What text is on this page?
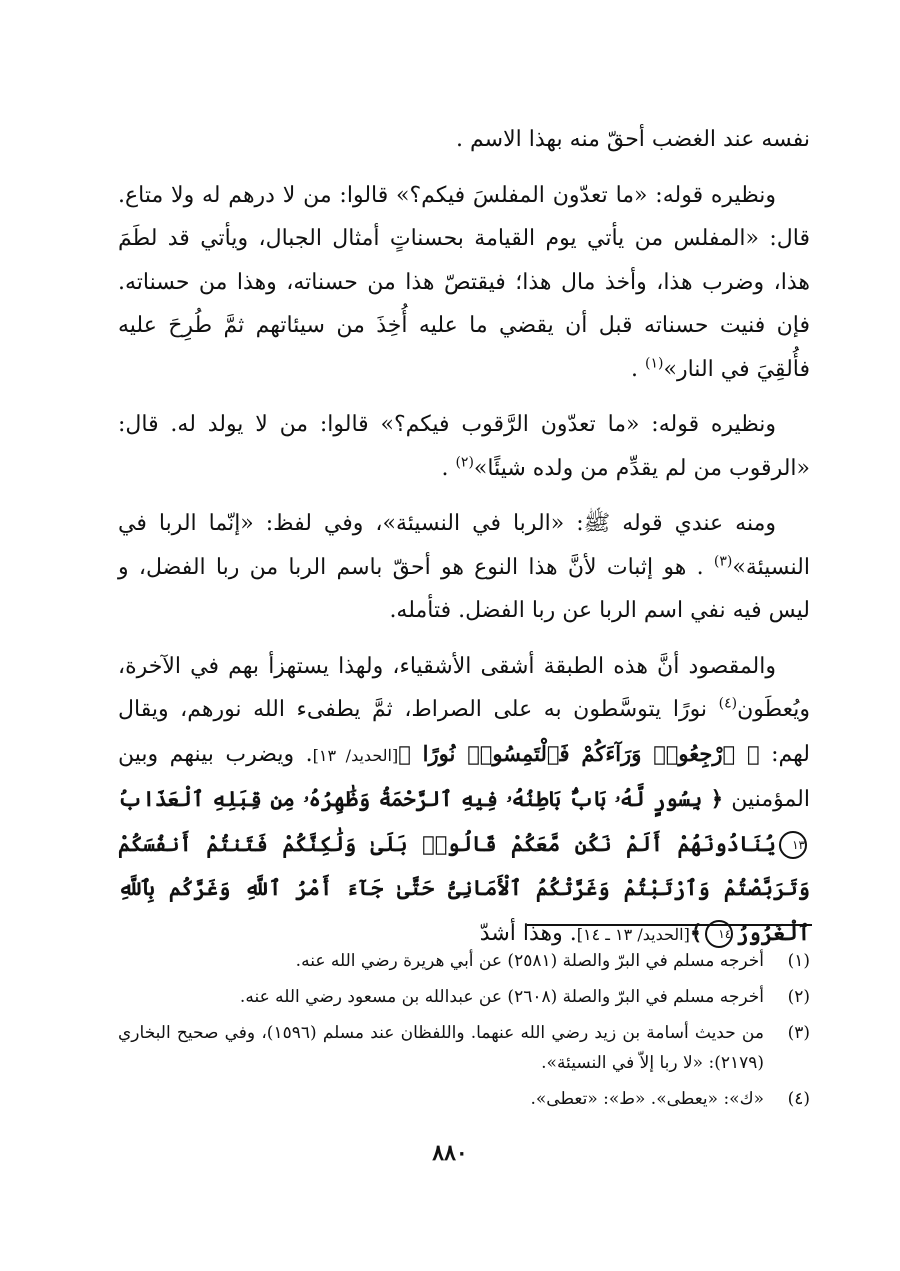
نفسه عند الغضب أحقّ منه بهذا الاسم .

ونظيره قوله: «ما تعدّون المفلسَ فيكم؟» قالوا: من لا درهم له ولا متاع. قال: «المفلس من يأتي يوم القيامة بحسناتٍ أمثال الجبال، ويأتي قد لطَمَ هذا، وضرب هذا، وأخذ مال هذا؛ فيقتصّ هذا من حسناته، وهذا من حسناته. فإن فنيت حسناته قبل أن يقضي ما عليه أُخِذَ من سيئاتهم ثمَّ طُرِحَ عليه فأُلقِيَ في النار»$^{(١)}$ .

ونظيره قوله: «ما تعدّون الرَّقوب فيكم؟» قالوا: من لا يولد له. قال: «الرقوب من لم يقدِّم من ولده شيئًا»$^{(٢)}$ .

ومنه عندي قوله ﷺ: «الربا في النسيئة»، وفي لفظ: «إنّما الربا في النسيئة»$^{(٣)}$ . هو إثبات لأنَّ هذا النوع هو أحقّ باسم الربا من ربا الفضل، و ليس فيه نفي اسم الربا عن ربا الفضل. فتأمله.

والمقصود أنَّ هذه الطبقة أشقى الأشقياء، ولهذا يستهزأ بهم في الآخرة، ويُعطَون$^{(٤)}$ نورًا يتوسَّطون به على الصراط، ثمَّ يطفىء الله نورهم، ويقال لهم: ﴿ ٱرْجِعُوا۟ وَرَآءَكُمْ فَٱلْتَمِسُوا۟ نُورًا ﴾[الحديد/ ١٣]. ويضرب بينهم وبين المؤمنين ﴿ بِسُورٍ لَّهُۥ بَابٌۢ بَاطِنُهُۥ فِيهِ ٱلرَّحْمَةُ وَظَٰهِرُهُۥ مِن قِبَلِهِ ٱلْعَذَابُ١٣يُنَادُونَهُمْ أَلَمْ نَكُن مَّعَكُمْ قَالُوا۟ بَلَىٰ وَلَٰكِنَّكُمْ فَتَنتُمْ أَنفُسَكُمْ وَتَرَبَّصْتُمْ وَٱرْتَبْتُمْ وَغَرَّتْكُمُ ٱلْأَمَانِىُّ حَتَّىٰ جَآءَ أَمْرُ ٱللَّهِ وَغَرَّكُم بِٱللَّهِ ٱلْغَرُورُ١٤﴾[الحديد/ ١٣ ـ ١٤]. وهذا أشدّ

(١)
أخرجه مسلم في البرّ والصلة (٢٥٨١) عن أبي هريرة رضي الله عنه.
(٢)
أخرجه مسلم في البرّ والصلة (٢٦٠٨) عن عبدالله بن مسعود رضي الله عنه.
(٣)
من حديث أسامة بن زيد رضي الله عنهما. واللفظان عند مسلم (١٥٩٦)، وفي صحيح البخاري (٢١٧٩): «لا ربا إلاّ في النسيئة».
(٤)
«ك»: «يعطى». «ط»: «تعطى».
٨٨٠
